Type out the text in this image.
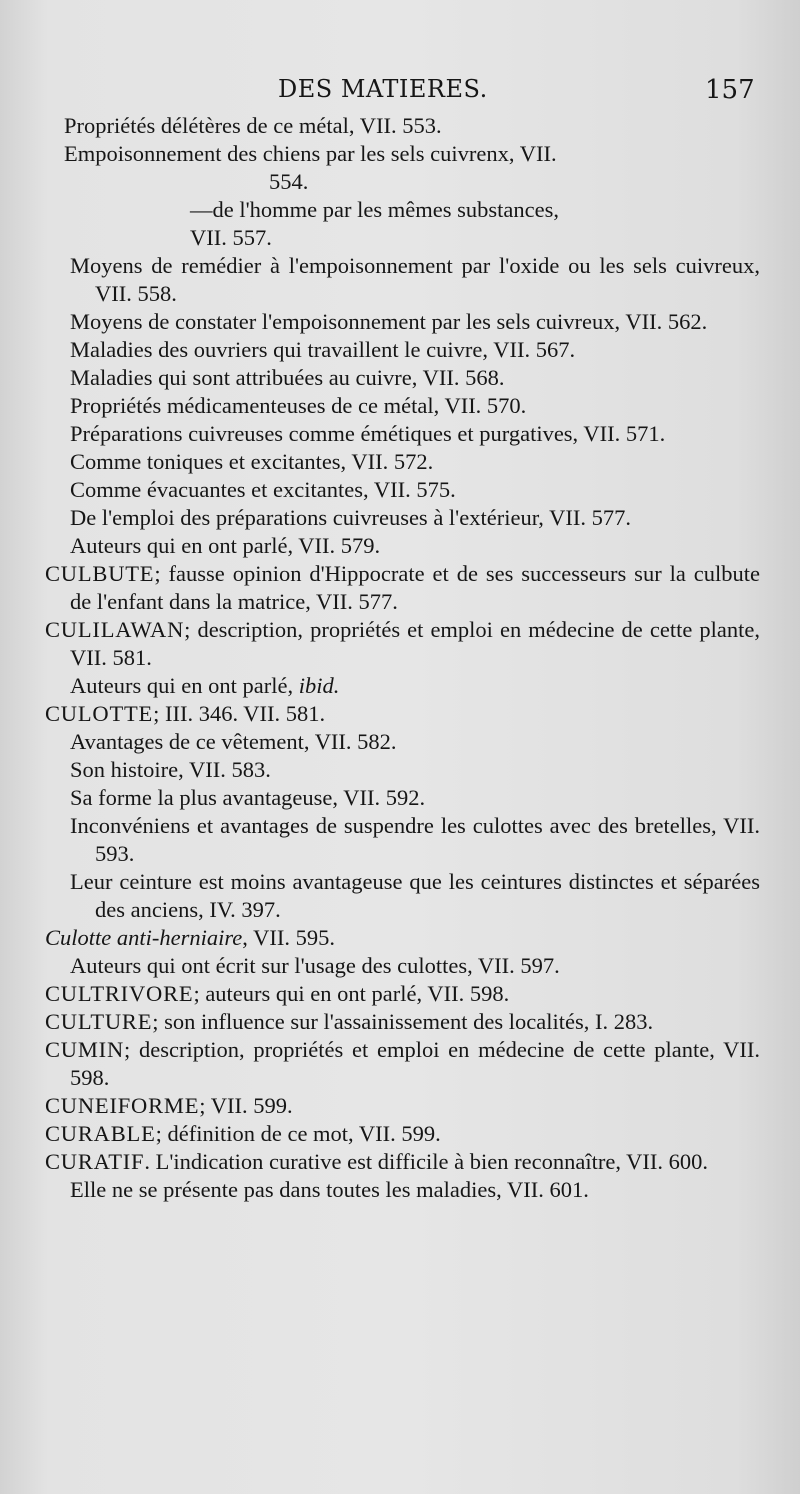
DES MATIERES.	157
Propriétés délétères de ce métal, VII. 553.
Empoisonnement des chiens par les sels cuivrenx, VII.
554.
—de l'homme par les mêmes substances,
VII. 557.
Moyens de remédier à l'empoisonnement par l'oxide ou les sels cuivreux, VII. 558.
Moyens de constater l'empoisonnement par les sels cuivreux, VII. 562.
Maladies des ouvriers qui travaillent le cuivre, VII. 567.
Maladies qui sont attribuées au cuivre, VII. 568.
Propriétés médicamenteuses de ce métal, VII. 570.
Préparations cuivreuses comme émétiques et purgatives, VII. 571.
Comme toniques et excitantes, VII. 572.
Comme évacuantes et excitantes, VII. 575.
De l'emploi des préparations cuivreuses à l'extérieur, VII. 577.
Auteurs qui en ont parlé, VII. 579.
CULBUTE; fausse opinion d'Hippocrate et de ses successeurs sur la culbute de l'enfant dans la matrice, VII. 577.
CULILAWAN; description, propriétés et emploi en médecine de cette plante, VII. 581.
Auteurs qui en ont parlé, ibid.
CULOTTE; III. 346. VII. 581.
Avantages de ce vêtement, VII. 582.
Son histoire, VII. 583.
Sa forme la plus avantageuse, VII. 592.
Inconvéniens et avantages de suspendre les culottes avec des bretelles, VII. 593.
Leur ceinture est moins avantageuse que les ceintures distinctes et séparées des anciens, IV. 397.
Culotte anti-herniaire, VII. 595.
Auteurs qui ont écrit sur l'usage des culottes, VII. 597.
CULTRIVORE; auteurs qui en ont parlé, VII. 598.
CULTURE; son influence sur l'assainissement des localités, I. 283.
CUMIN; description, propriétés et emploi en médecine de cette plante, VII. 598.
CUNEIFORME; VII. 599.
CURABLE; définition de ce mot, VII. 599.
CURATIF. L'indication curative est difficile à bien reconnaître, VII. 600.
Elle ne se présente pas dans toutes les maladies, VII. 601.
